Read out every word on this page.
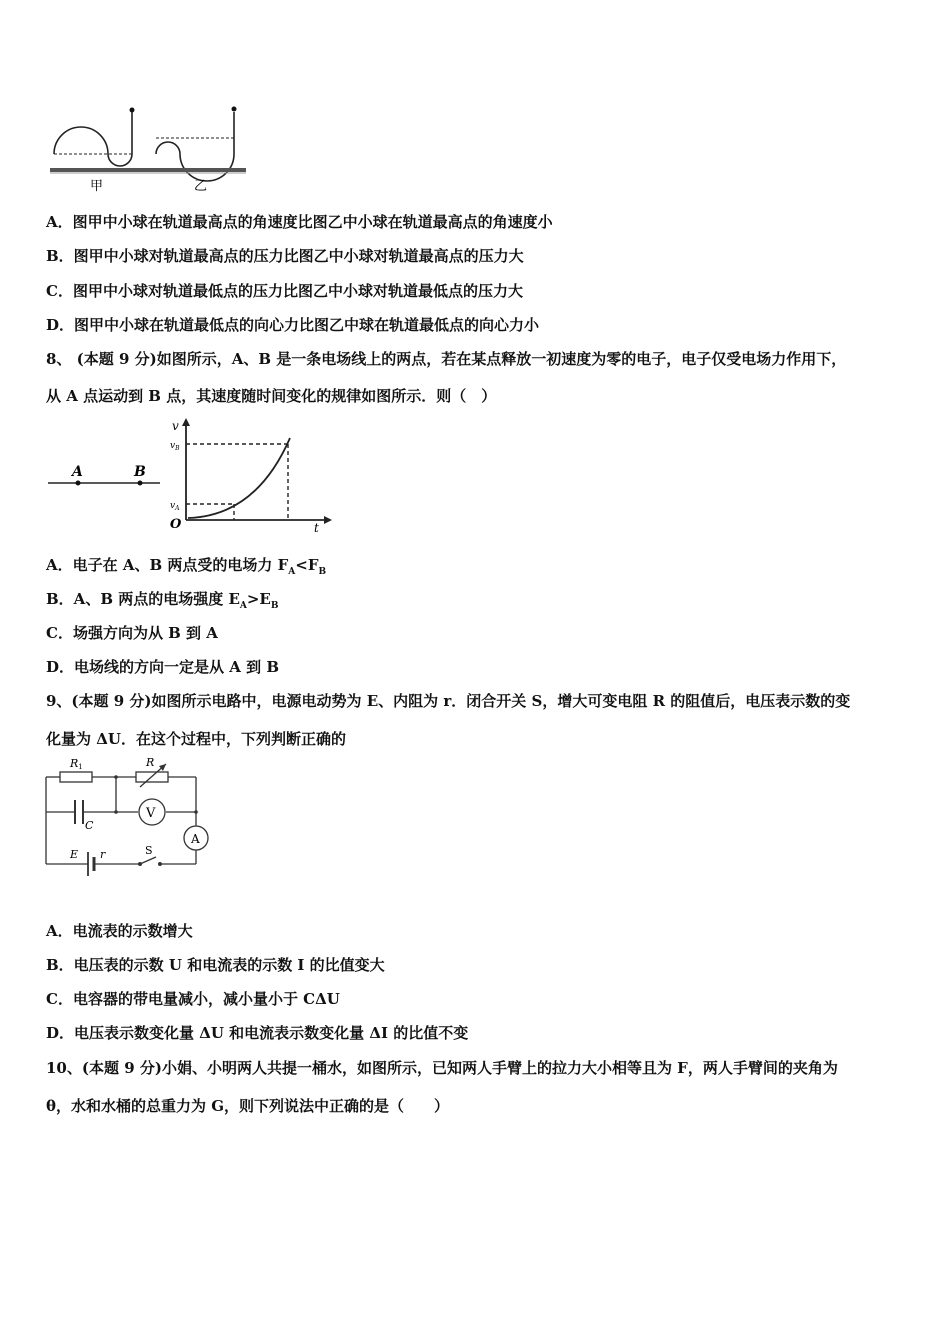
甲	乙
A．图甲中小球在轨道最高点的角速度比图乙中小球在轨道最高点的角速度小
B．图甲中小球对轨道最高点的压力比图乙中小球对轨道最高点的压力大
C．图甲中小球对轨道最低点的压力比图乙中小球对轨道最低点的压力大
D．图甲中小球在轨道最低点的向心力比图乙中球在轨道最低点的向心力小
8、 (本题 9 分)如图所示，A、B 是一条电场线上的两点，若在某点释放一初速度为零的电子，电子仅受电场力作用下，
从 A 点运动到 B 点，其速度随时间变化的规律如图所示．则（　）
A	B
v
$v_B$
$v_A$
O	t
A．电子在 A、B 两点受的电场力 $F_A<F_B$
B．A、B 两点的电场强度 $E_A>E_B$
C．场强方向为从 B 到 A
D．电场线的方向一定是从 A 到 B
9、(本题 9 分)如图所示电路中，电源电动势为 E、内阻为 r．闭合开关 S，增大可变电阻 R 的阻值后，电压表示数的变
化量为 ΔU．在这个过程中，下列判断正确的
R1	R
C
V
A
E r	S
A．电流表的示数增大
B．电压表的示数 U 和电流表的示数 I 的比值变大
C．电容器的带电量减小，减小量小于 CΔU
D．电压表示数变化量 ΔU 和电流表示数变化量 ΔI 的比值不变
10、(本题 9 分)小娟、小明两人共提一桶水，如图所示，已知两人手臂上的拉力大小相等且为 F，两人手臂间的夹角为
θ，水和水桶的总重力为 G，则下列说法中正确的是（　　）
